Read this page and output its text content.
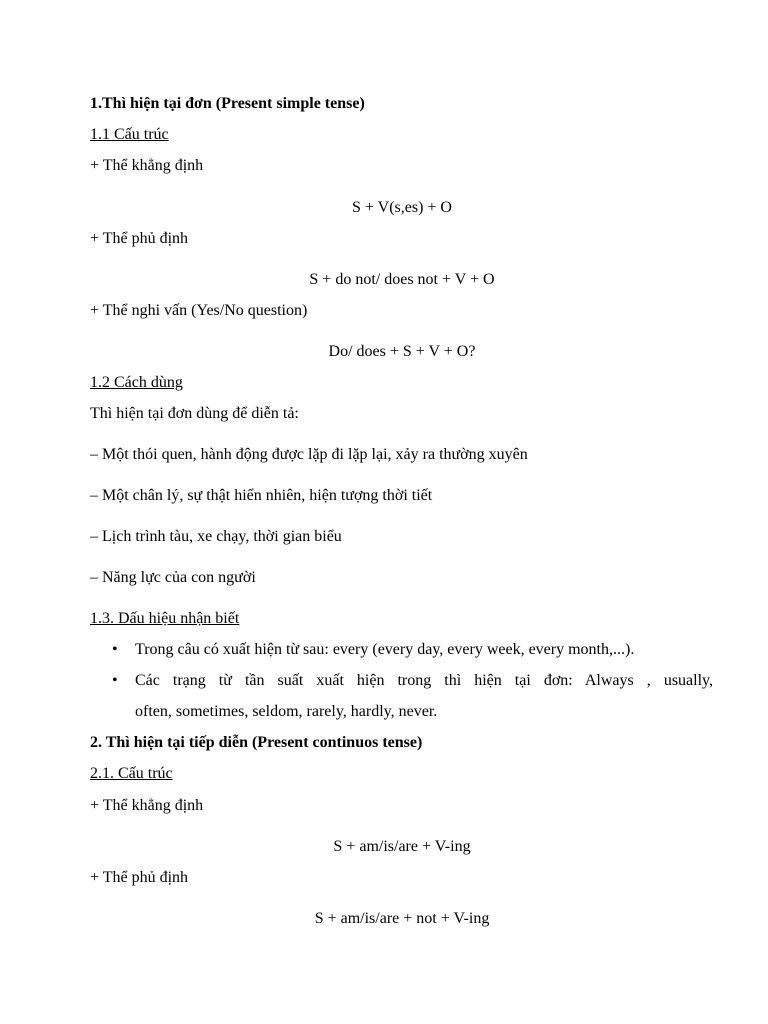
1.Thì hiện tại đơn (Present simple tense)
1.1 Cấu trúc
+ Thể khẳng định
S + V(s,es) + O
+ Thể phủ định
S + do not/ does not + V + O
+ Thể nghi vấn (Yes/No question)
Do/ does + S + V + O?
1.2 Cách dùng
Thì hiện tại đơn dùng để diễn tả:
– Một thói quen, hành động được lặp đi lặp lại, xảy ra thường xuyên
– Một chân lý, sự thật hiển nhiên, hiện tượng thời tiết
– Lịch trình tàu, xe chạy, thời gian biểu
– Năng lực của con người
1.3. Dấu hiệu nhận biết
• Trong câu có xuất hiện từ sau: every (every day, every week, every month,...).
• Các trạng từ tần suất xuất hiện trong thì hiện tại đơn: Always , usually,
often, sometimes, seldom, rarely, hardly, never.
2. Thì hiện tại tiếp diễn (Present continuos tense)
2.1. Cấu trúc
+ Thể khẳng định
S + am/is/are + V-ing
+ Thể phủ định
S + am/is/are + not + V-ing
